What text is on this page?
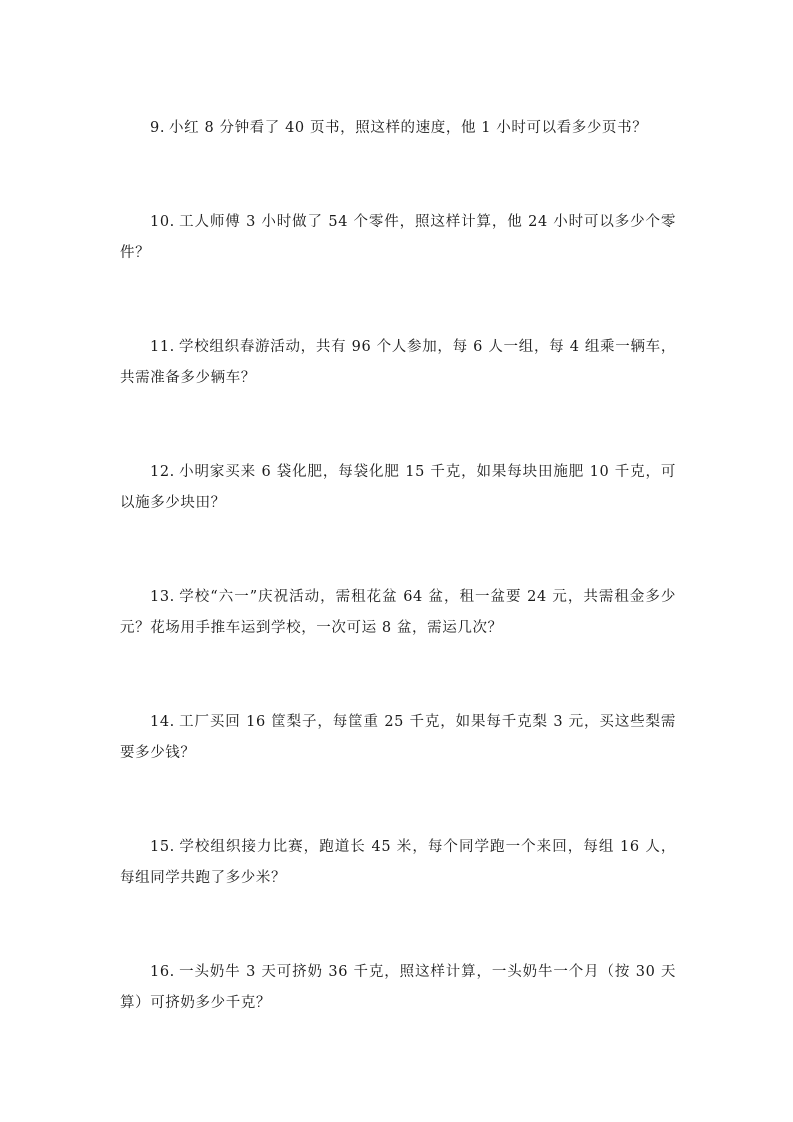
9. 小红 8 分钟看了 40 页书，照这样的速度，他 1 小时可以看多少页书？

10. 工人师傅 3 小时做了 54 个零件，照这样计算，他 24 小时可以多少个零件？

11. 学校组织春游活动，共有 96 个人参加，每 6 人一组，每 4 组乘一辆车，共需准备多少辆车？

12. 小明家买来 6 袋化肥，每袋化肥 15 千克，如果每块田施肥 10 千克，可以施多少块田？

13. 学校“六一”庆祝活动，需租花盆 64 盆，租一盆要 24 元，共需租金多少元？花场用手推车运到学校，一次可运 8 盆，需运几次？

14. 工厂买回 16 筐梨子，每筐重 25 千克，如果每千克梨 3 元，买这些梨需要多少钱？

15. 学校组织接力比赛，跑道长 45 米，每个同学跑一个来回，每组 16 人，每组同学共跑了多少米？

16. 一头奶牛 3 天可挤奶 36 千克，照这样计算，一头奶牛一个月（按 30 天算）可挤奶多少千克？
